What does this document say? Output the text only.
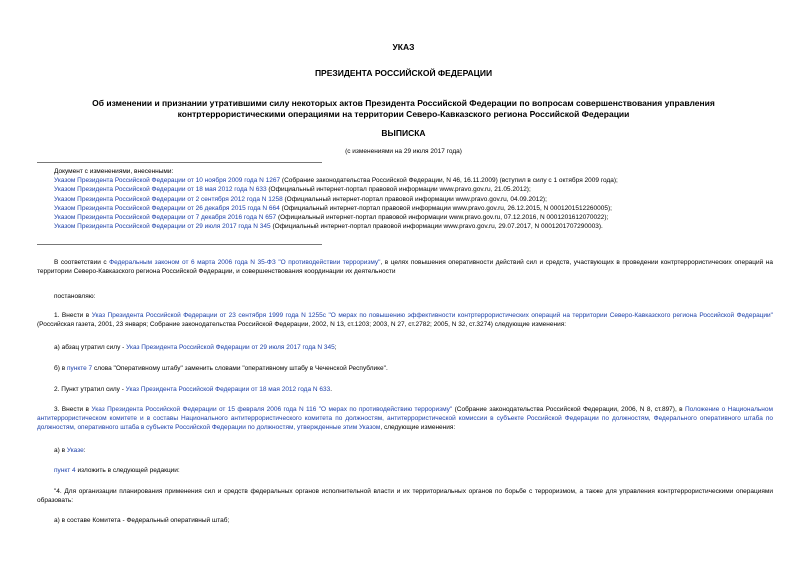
УКАЗ
ПРЕЗИДЕНТА РОССИЙСКОЙ ФЕДЕРАЦИИ
Об изменении и признании утратившими силу некоторых актов Президента Российской Федерации по вопросам совершенствования управления
контртеррористическими операциями на территории Северо-Кавказского региона Российской Федерации
ВЫПИСКА
(с изменениями на 29 июля 2017 года)
Документ с изменениями, внесенными:
Указом Президента Российской Федерации от 10 ноября 2009 года N 1267 (Собрание законодательства Российской Федерации, N 46, 16.11.2009) (вступил в силу с 1 октября 2009 года);
Указом Президента Российской Федерации от 18 мая 2012 года N 633 (Официальный интернет-портал правовой информации www.pravo.gov.ru, 21.05.2012);
Указом Президента Российской Федерации от 2 сентября 2012 года N 1258 (Официальный интернет-портал правовой информации www.pravo.gov.ru, 04.09.2012);
Указом Президента Российской Федерации от 26 декабря 2015 года N 664 (Официальный интернет-портал правовой информации www.pravo.gov.ru, 26.12.2015, N 0001201512260005);
Указом Президента Российской Федерации от 7 декабря 2016 года N 657 (Официальный интернет-портал правовой информации www.pravo.gov.ru, 07.12.2016, N 0001201612070022);
Указом Президента Российской Федерации от 29 июля 2017 года N 345 (Официальный интернет-портал правовой информации www.pravo.gov.ru, 29.07.2017, N 0001201707290003).
В соответствии с Федеральным законом от 6 марта 2006 года N 35-ФЗ "О противодействии терроризму", в целях повышения оперативности действий сил и средств, участвующих в проведении контртеррористических операций на территории Северо-Кавказского региона Российской Федерации, и совершенствования координации их деятельности
постановляю:
1. Внести в Указ Президента Российской Федерации от 23 сентября 1999 года N 1255с "О мерах по повышению эффективности контртеррористических операций на территории Северо-Кавказского региона Российской Федерации" (Российская газета, 2001, 23 января; Собрание законодательства Российской Федерации, 2002, N 13, ст.1203; 2003, N 27, ст.2782; 2005, N 32, ст.3274) следующие изменения:
а) абзац утратил силу - Указ Президента Российской Федерации от 29 июля 2017 года N 345;
б) в пункте 7 слова "Оперативному штабу" заменить словами "оперативному штабу в Чеченской Республике".
2. Пункт утратил силу - Указ Президента Российской Федерации от 18 мая 2012 года N 633.
3. Внести в Указ Президента Российской Федерации от 15 февраля 2006 года N 116 "О мерах по противодействию терроризму" (Собрание законодательства Российской Федерации, 2006, N 8, ст.897), в Положение о Национальном антитеррористическом комитете и в составы Национального антитеррористического комитета по должностям, антитеррористической комиссии в субъекте Российской Федерации по должностям, Федерального оперативного штаба по должностям, оперативного штаба в субъекте Российской Федерации по должностям, утвержденные этим Указом, следующие изменения:
а) в Указе:
пункт 4 изложить в следующей редакции:
"4. Для организации планирования применения сил и средств федеральных органов исполнительной власти и их территориальных органов по борьбе с терроризмом, а также для управления контртеррористическими операциями образовать:
а) в составе Комитета - Федеральный оперативный штаб;
